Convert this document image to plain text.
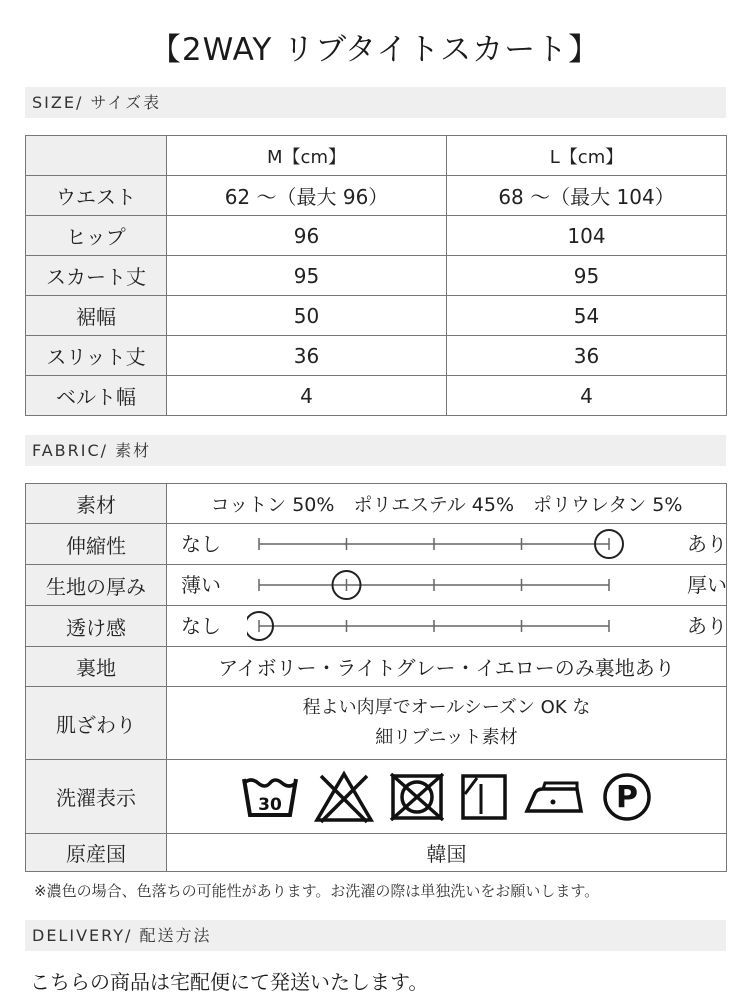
【2WAY リブタイトスカート】
SIZE/ サイズ表
	M【cm】	L【cm】
ウエスト	62 〜（最大 96）	68 〜（最大 104）
ヒップ	96	104
スカート丈	95	95
裾幅	50	54
スリット丈	36	36
ベルト幅	4	4
FABRIC/ 素材
素材	コットン 50%　ポリエステル 45%　ポリウレタン 5%
伸縮性	なし あり

生地の厚み	薄い 厚い

透け感	なし あり

裏地	アイボリー・ライトグレー・イエローのみ裏地あり
肌ざわり	程よい肉厚でオールシーズン OK な
細リブニット素材

洗濯表示	30 P

原産国	韓国
※濃色の場合、色落ちの可能性があります。お洗濯の際は単独洗いをお願いします。
DELIVERY/ 配送方法
こちらの商品は宅配便にて発送いたします。
